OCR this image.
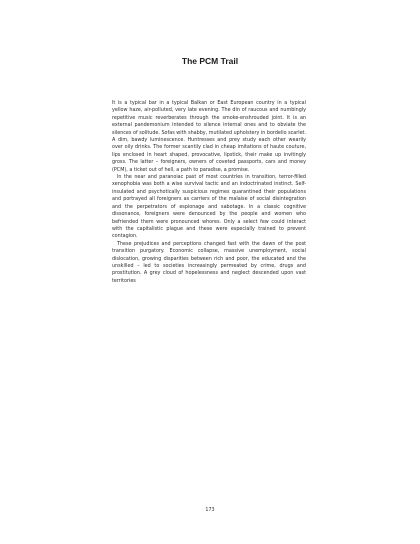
The PCM Trail

It is a typical bar in a typical Balkan or East European country in a typical yellow haze, air-polluted, very late evening. The din of raucous and numbingly repetitive music reverberates through the smoke-enshrouded joint. It is an external pandemonium intended to silence internal ones and to obviate the silences of solitude. Sofas with shabby, mutilated upholstery in bordello scarlet. A dim, bawdy luminescence. Huntresses and prey study each other wearily over oily drinks. The former scantily clad in cheap imitations of haute couture, lips enclosed in heart shaped, provocative, lipstick, their make up invitingly gross. The latter – foreigners, owners of coveted passports, cars and money (PCM), a ticket out of hell, a path to paradise, a promise.

In the near and paranoiac past of most countries in transition, terror-filled xenophobia was both a wise survival tactic and an indoctrinated instinct. Self-insulated and psychotically suspicious regimes quarantined their populations and portrayed all foreigners as carriers of the malaise of social disintegration and the perpetrators of espionage and sabotage. In a classic cognitive dissonance, foreigners were denounced by the people and women who befriended them were pronounced whores. Only a select few could interact with the capitalistic plague and these were especially trained to prevent contagion.

These prejudices and perceptions changed fast with the dawn of the post transition purgatory. Economic collapse, massive unemployment, social dislocation, growing disparities between rich and poor, the educated and the unskilled – led to societies increasingly permeated by crime, drugs and prostitution. A grey cloud of hopelessness and neglect descended upon vast territories

173
